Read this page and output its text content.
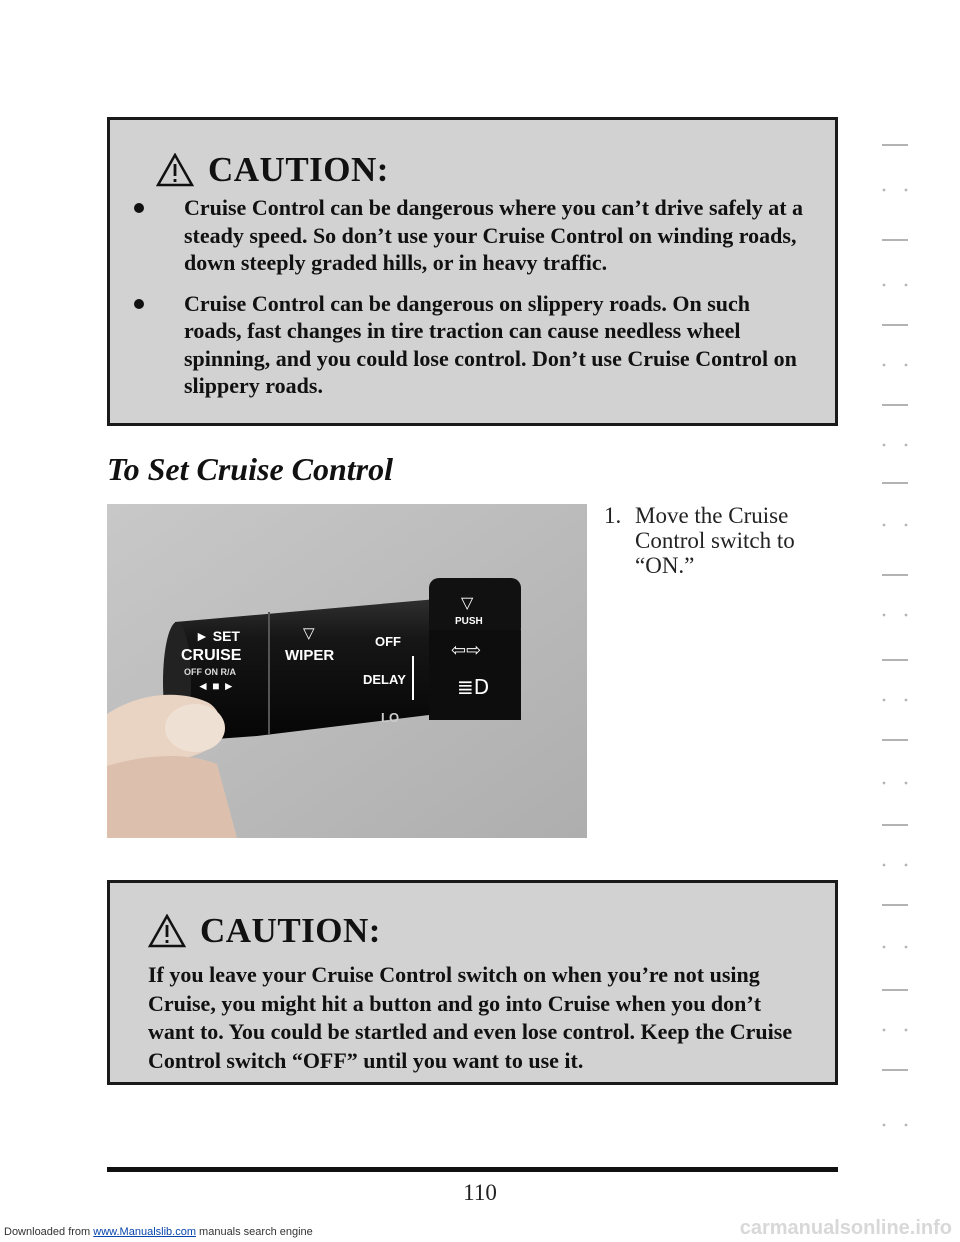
CAUTION:
Cruise Control can be dangerous where you can’t drive safely at a steady speed. So don’t use your Cruise Control on winding roads, down steeply graded hills, or in heavy traffic.
Cruise Control can be dangerous on slippery roads. On such roads, fast changes in tire traction can cause needless wheel spinning, and you could lose control. Don’t use Cruise Control on slippery roads.
To Set Cruise Control
► SET
CRUISE
OFF ON R/A
◄ ■ ►
WIPER
▽	OFF
DELAY
LO
▽
PUSH
⇦⇨
≣D
1. Move the Cruise Control switch to “ON.”
CAUTION:

If you leave your Cruise Control switch on when you’re not using Cruise, you might hit a button and go into Cruise when you don’t want to. You could be startled and even lose control. Keep the Cruise Control switch “OFF” until you want to use it.

110
Downloaded from www.Manualslib.com manuals search engine	carmanualsonline.info
